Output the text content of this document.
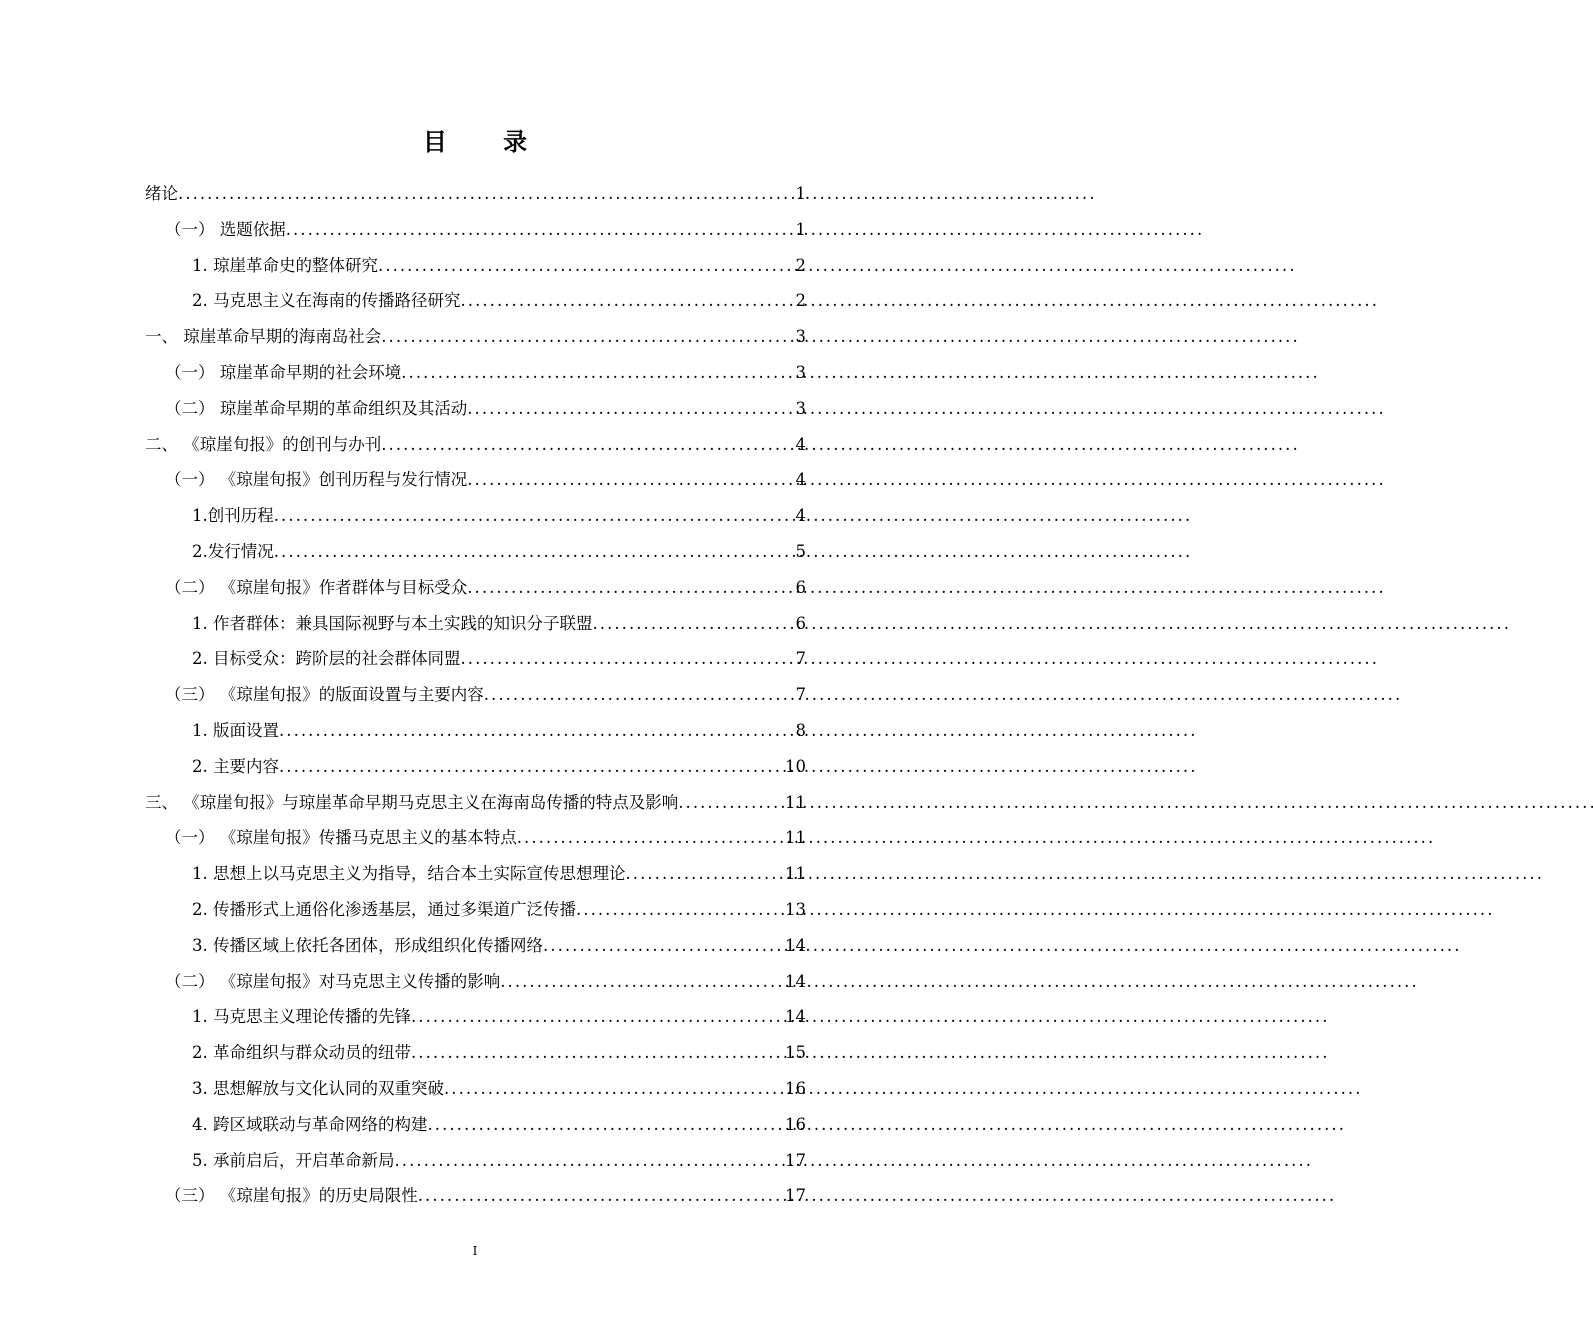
目 录
绪论 . . .	1
（一） 选题依据 . . .	1
1. 琼崖革命史的整体研究 . . .	2
2. 马克思主义在海南的传播路径研究 . . .	2
一、 琼崖革命早期的海南岛社会 . . .	3
（一） 琼崖革命早期的社会环境 . . .	3
（二） 琼崖革命早期的革命组织及其活动 . . .	3
二、 《琼崖旬报》的创刊与办刊 . . .	4
（一） 《琼崖旬报》创刊历程与发行情况 . . .	4
1.创刊历程 . . .	4
2.发行情况 . . .	5
（二） 《琼崖旬报》作者群体与目标受众 . . .	6
1. 作者群体：兼具国际视野与本土实践的知识分子联盟 . . .	6
2. 目标受众：跨阶层的社会群体同盟 . . .	7
（三） 《琼崖旬报》的版面设置与主要内容 . . .	7
1. 版面设置 . . .	8
2. 主要内容 . . .	10
三、 《琼崖旬报》与琼崖革命早期马克思主义在海南岛传播的特点及影响 . . .	11
（一） 《琼崖旬报》传播马克思主义的基本特点 . . .	11
1. 思想上以马克思主义为指导，结合本土实际宣传思想理论 . . .	11
2. 传播形式上通俗化渗透基层，通过多渠道广泛传播 . . .	13
3. 传播区域上依托各团体，形成组织化传播网络 . . .	14
（二） 《琼崖旬报》对马克思主义传播的影响 . . .	14
1. 马克思主义理论传播的先锋 . . .	14
2. 革命组织与群众动员的纽带 . . .	15
3. 思想解放与文化认同的双重突破 . . .	16
4. 跨区域联动与革命网络的构建 . . .	16
5. 承前启后，开启革命新局 . . .	17
（三） 《琼崖旬报》的历史局限性 . . .	17
I
